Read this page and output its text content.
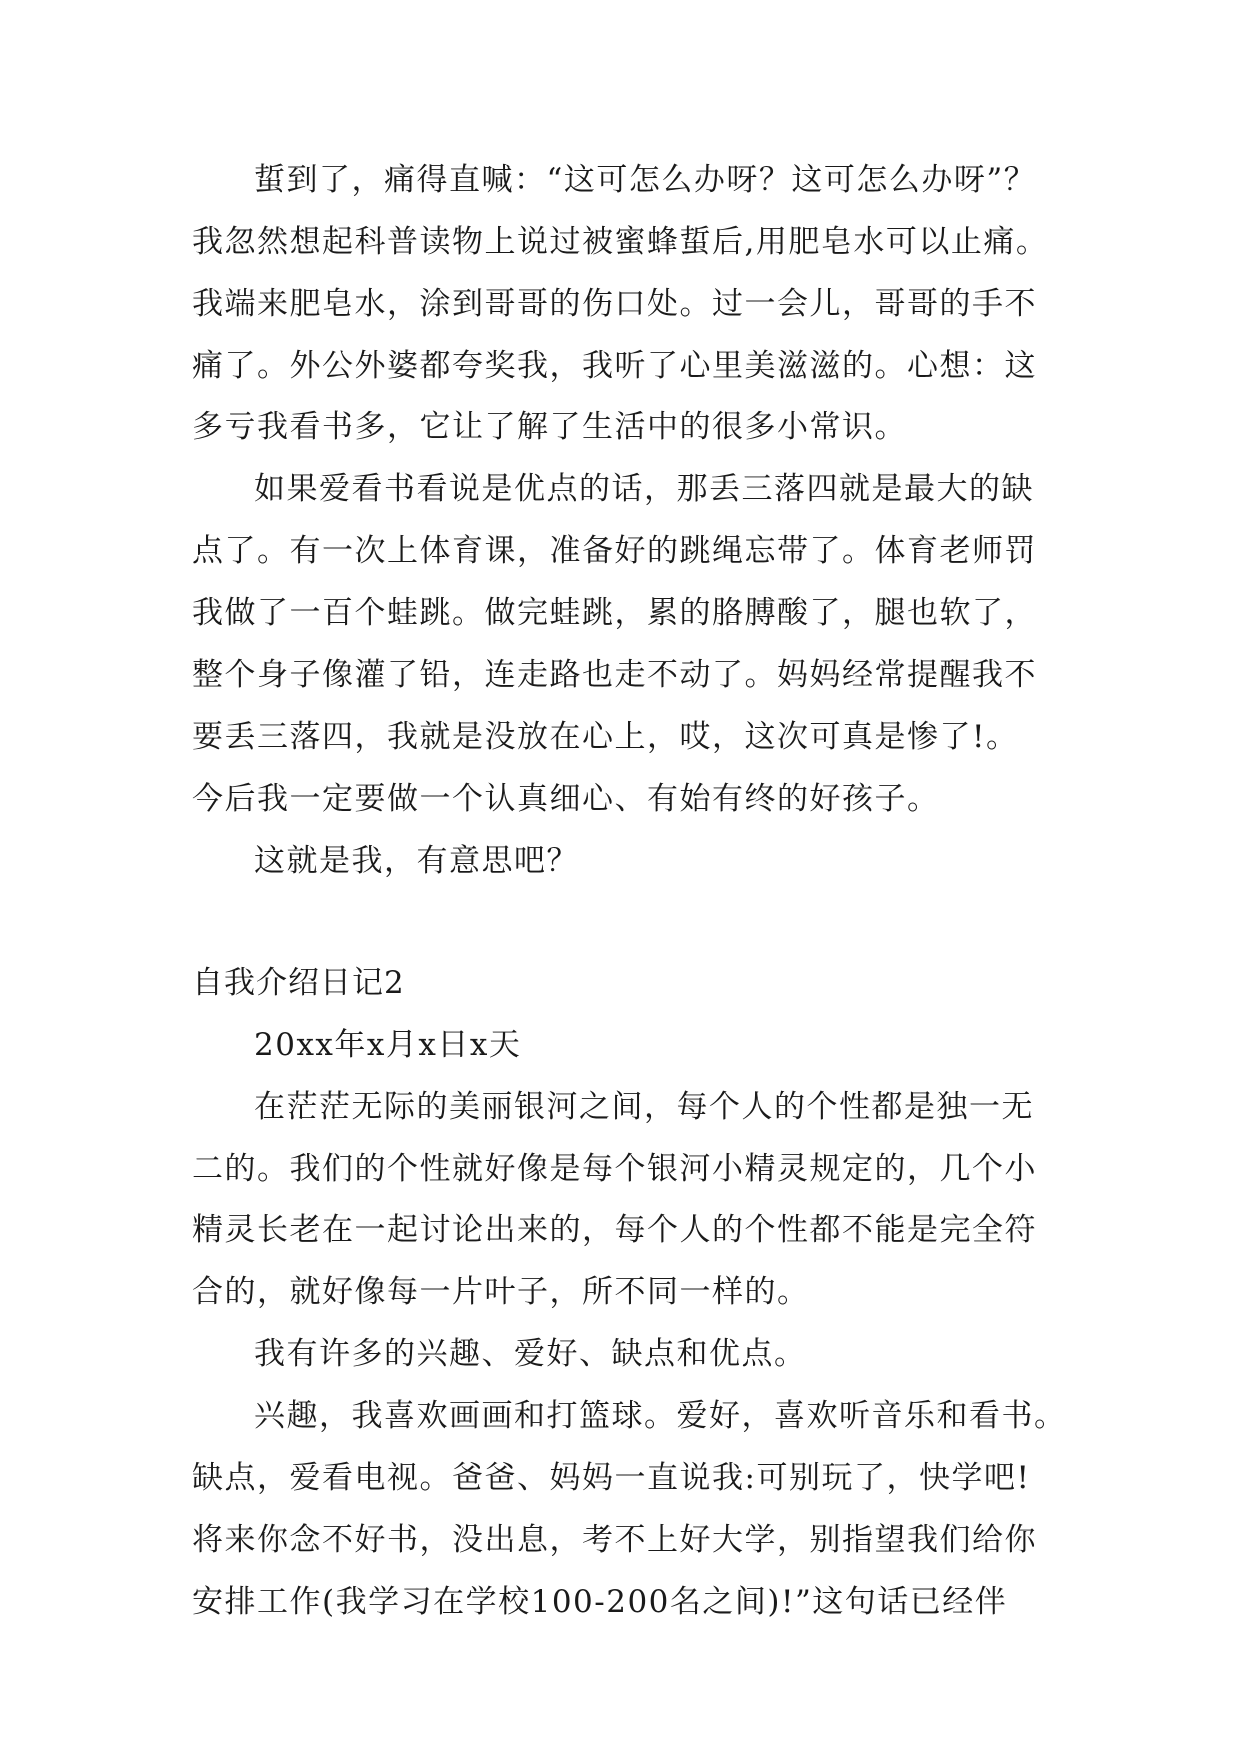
蜇到了，痛得直喊：“这可怎么办呀？这可怎么办呀”？
我忽然想起科普读物上说过被蜜蜂蜇后,用肥皂水可以止痛。
我端来肥皂水，涂到哥哥的伤口处。过一会儿，哥哥的手不
痛了。外公外婆都夸奖我，我听了心里美滋滋的。心想：这
多亏我看书多，它让了解了生活中的很多小常识。
如果爱看书看说是优点的话，那丢三落四就是最大的缺
点了。有一次上体育课，准备好的跳绳忘带了。体育老师罚
我做了一百个蛙跳。做完蛙跳，累的胳膊酸了，腿也软了，
整个身子像灌了铅，连走路也走不动了。妈妈经常提醒我不
要丢三落四，我就是没放在心上，哎，这次可真是惨了!。
今后我一定要做一个认真细心、有始有终的好孩子。
这就是我，有意思吧？
自我介绍日记2
20xx年x月x日x天
在茫茫无际的美丽银河之间，每个人的个性都是独一无
二的。我们的个性就好像是每个银河小精灵规定的，几个小
精灵长老在一起讨论出来的，每个人的个性都不能是完全符
合的，就好像每一片叶子，所不同一样的。
我有许多的兴趣、爱好、缺点和优点。
兴趣，我喜欢画画和打篮球。爱好，喜欢听音乐和看书。
缺点，爱看电视。爸爸、妈妈一直说我:可别玩了，快学吧!
将来你念不好书，没出息，考不上好大学，别指望我们给你
安排工作(我学习在学校100-200名之间)!”这句话已经伴
